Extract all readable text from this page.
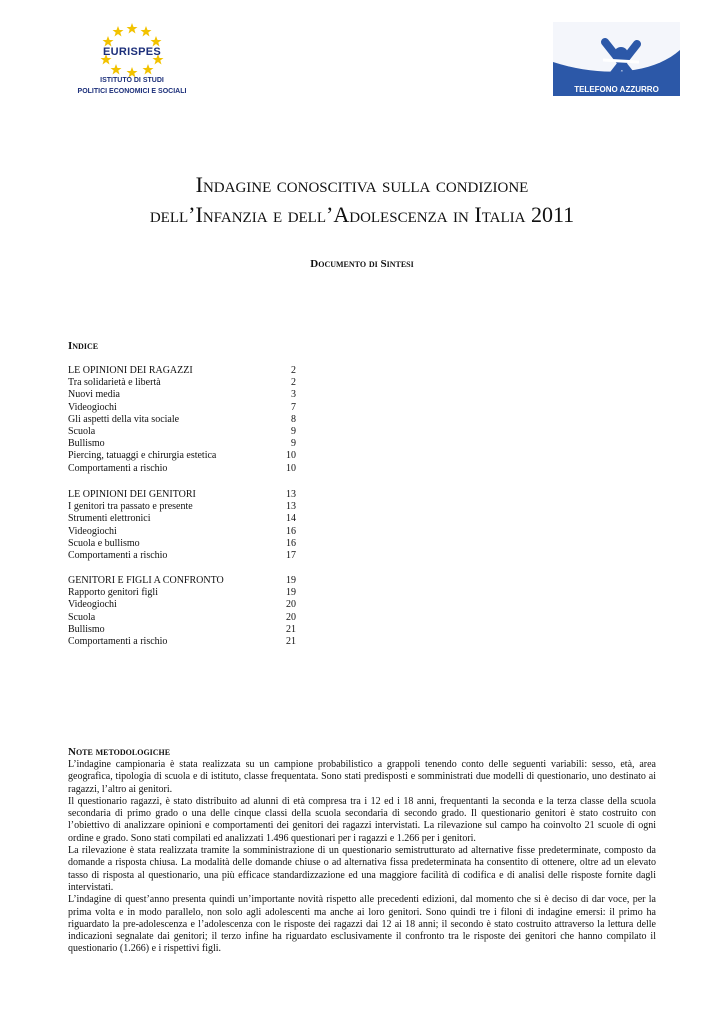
EURISPES
ISTITUTO DI STUDI
POLITICI ECONOMICI E SOCIALI	TELEFONO AZZURRO
Indagine conoscitiva sulla condizione
dell’Infanzia e dell’Adolescenza in Italia 2011
Documento di Sintesi
Indice
LE OPINIONI DEI RAGAZZI	2
Tra solidarietà e libertà	2
Nuovi media	3
Videogiochi	7
Gli aspetti della vita sociale	8
Scuola	9
Bullismo	9
Piercing, tatuaggi e chirurgia estetica	10
Comportamenti a rischio	10
LE OPINIONI DEI GENITORI	13
I genitori tra passato e presente	13
Strumenti elettronici	14
Videogiochi	16
Scuola e bullismo	16
Comportamenti a rischio	17
GENITORI E FIGLI A CONFRONTO	19
Rapporto genitori figli	19
Videogiochi	20
Scuola	20
Bullismo	21
Comportamenti a rischio	21
Note metodologiche

L’indagine campionaria è stata realizzata su un campione probabilistico a grappoli tenendo conto delle seguenti variabili: sesso, età, area geografica, tipologia di scuola e di istituto, classe frequentata. Sono stati predisposti e somministrati due modelli di questionario, uno destinato ai ragazzi, l’altro ai genitori.

Il questionario ragazzi, è stato distribuito ad alunni di età compresa tra i 12 ed i 18 anni, frequentanti la seconda e la terza classe della scuola secondaria di primo grado o una delle cinque classi della scuola secondaria di secondo grado. Il questionario genitori è stato costruito con l’obiettivo di analizzare opinioni e comportamenti dei genitori dei ragazzi intervistati. La rilevazione sul campo ha coinvolto 21 scuole di ogni ordine e grado. Sono stati compilati ed analizzati 1.496 questionari per i ragazzi e 1.266 per i genitori.

La rilevazione è stata realizzata tramite la somministrazione di un questionario semistrutturato ad alternative fisse predeterminate, composto da domande a risposta chiusa. La modalità delle domande chiuse o ad alternativa fissa predeterminata ha consentito di ottenere, oltre ad un elevato tasso di risposta al questionario, una più efficace standardizzazione ed una maggiore facilità di codifica e di analisi delle risposte fornite dagli intervistati.

L’indagine di quest’anno presenta quindi un’importante novità rispetto alle precedenti edizioni, dal momento che si è deciso di dar voce, per la prima volta e in modo parallelo, non solo agli adolescenti ma anche ai loro genitori. Sono quindi tre i filoni di indagine emersi: il primo ha riguardato la pre-adolescenza e l’adolescenza con le risposte dei ragazzi dai 12 ai 18 anni; il secondo è stato costruito attraverso la lettura delle indicazioni segnalate dai genitori; il terzo infine ha riguardato esclusivamente il confronto tra le risposte dei genitori che hanno compilato il questionario (1.266) e i rispettivi figli.
